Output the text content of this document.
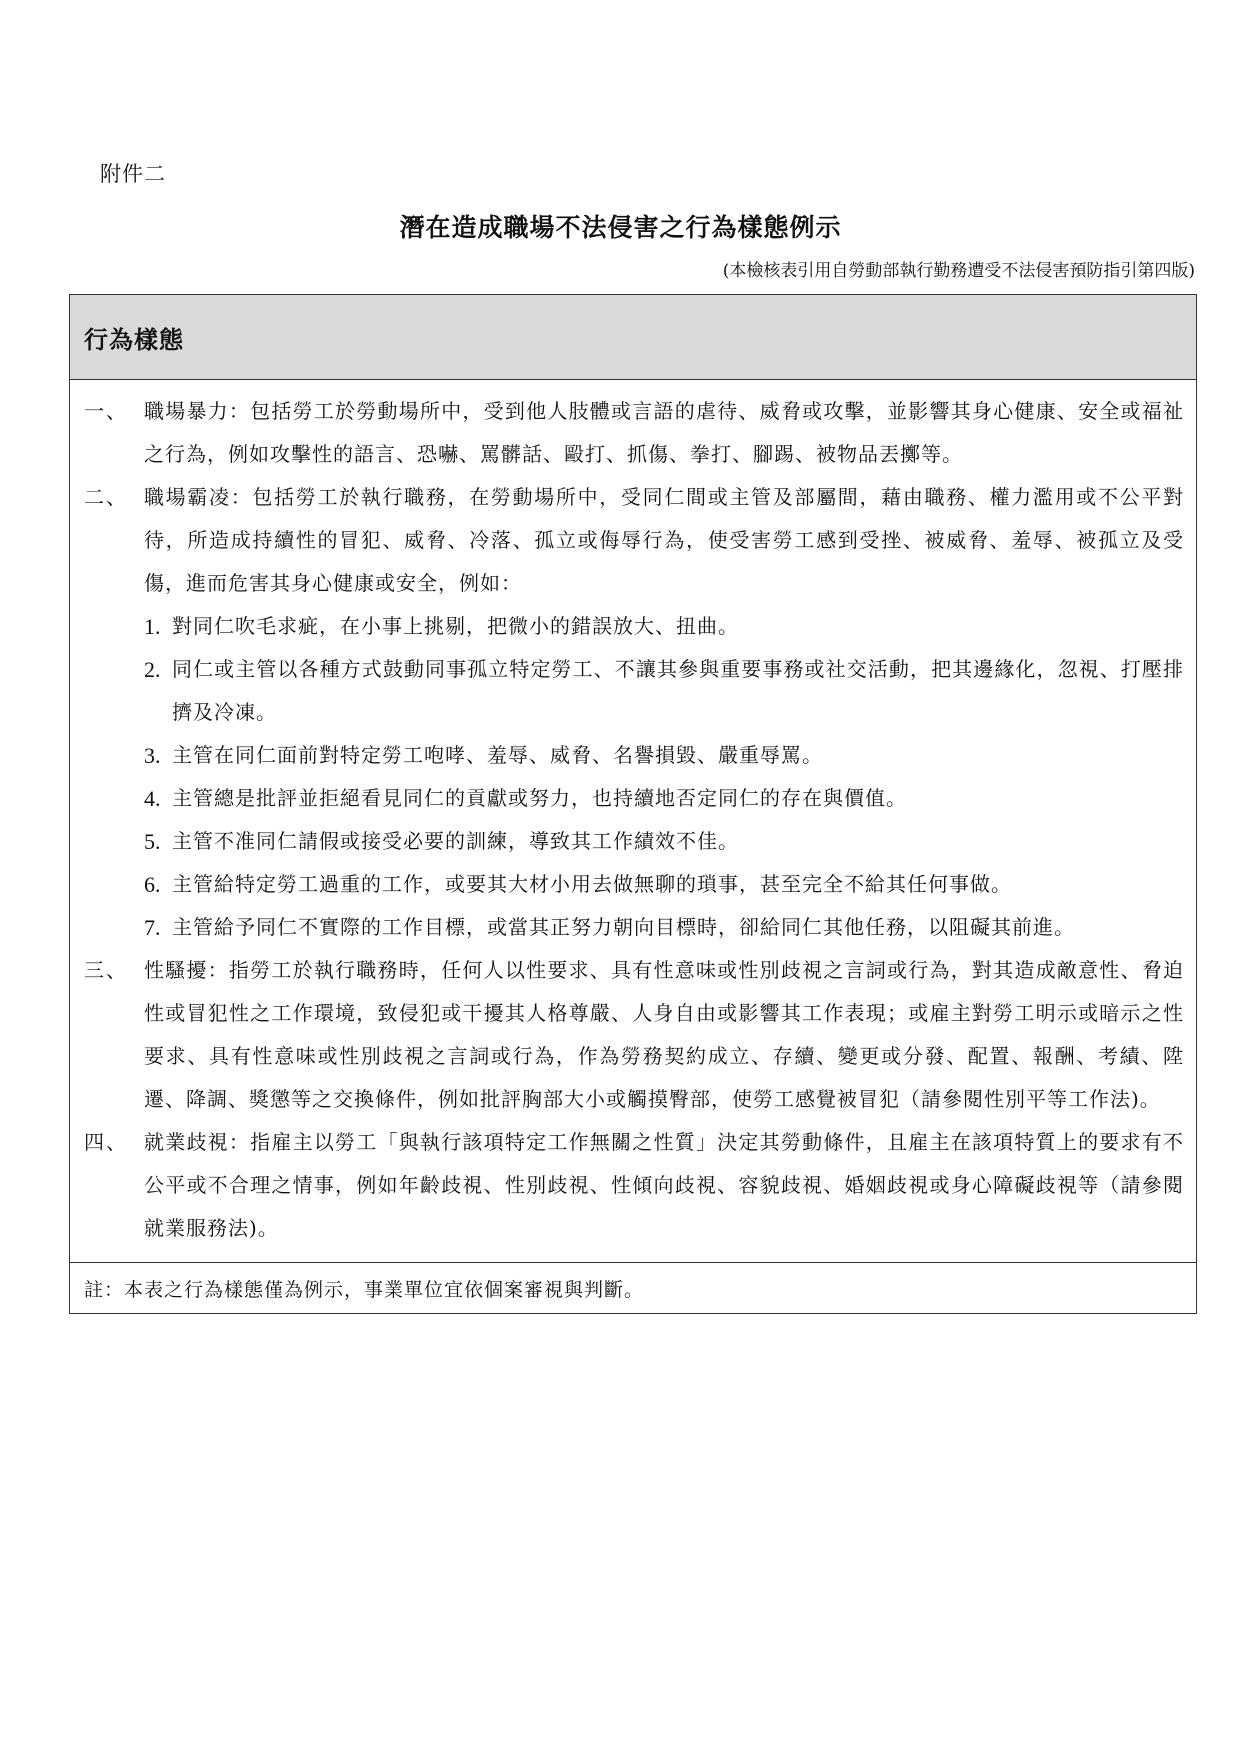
附件二
潛在造成職場不法侵害之行為樣態例示
(本檢核表引用自勞動部執行勤務遭受不法侵害預防指引第四版)
行為樣態
一、 職場暴力：包括勞工於勞動場所中，受到他人肢體或言語的虐待、威脅或攻擊，並影響其身心健康、安全或福祉之行為，例如攻擊性的語言、恐嚇、罵髒話、毆打、抓傷、拳打、腳踢、被物品丟擲等。
二、 職場霸凌：包括勞工於執行職務，在勞動場所中，受同仁間或主管及部屬間，藉由職務、權力濫用或不公平對待，所造成持續性的冒犯、威脅、冷落、孤立或侮辱行為，使受害勞工感到受挫、被威脅、羞辱、被孤立及受傷，進而危害其身心健康或安全，例如：
1. 對同仁吹毛求疵，在小事上挑剔，把微小的錯誤放大、扭曲。
2. 同仁或主管以各種方式鼓動同事孤立特定勞工、不讓其參與重要事務或社交活動，把其邊緣化，忽視、打壓排擠及冷凍。
3. 主管在同仁面前對特定勞工咆哮、羞辱、威脅、名譽損毀、嚴重辱罵。
4. 主管總是批評並拒絕看見同仁的貢獻或努力，也持續地否定同仁的存在與價值。
5. 主管不准同仁請假或接受必要的訓練，導致其工作績效不佳。
6. 主管給特定勞工過重的工作，或要其大材小用去做無聊的瑣事，甚至完全不給其任何事做。
7. 主管給予同仁不實際的工作目標，或當其正努力朝向目標時，卻給同仁其他任務，以阻礙其前進。
三、 性騷擾：指勞工於執行職務時，任何人以性要求、具有性意味或性別歧視之言詞或行為，對其造成敵意性、脅迫性或冒犯性之工作環境，致侵犯或干擾其人格尊嚴、人身自由或影響其工作表現；或雇主對勞工明示或暗示之性要求、具有性意味或性別歧視之言詞或行為，作為勞務契約成立、存續、變更或分發、配置、報酬、考績、陞遷、降調、獎懲等之交換條件，例如批評胸部大小或觸摸臀部，使勞工感覺被冒犯（請參閱性別平等工作法)。
四、 就業歧視：指雇主以勞工「與執行該項特定工作無關之性質」決定其勞動條件，且雇主在該項特質上的要求有不公平或不合理之情事，例如年齡歧視、性別歧視、性傾向歧視、容貌歧視、婚姻歧視或身心障礙歧視等（請參閱就業服務法)。
註：本表之行為樣態僅為例示，事業單位宜依個案審視與判斷。
